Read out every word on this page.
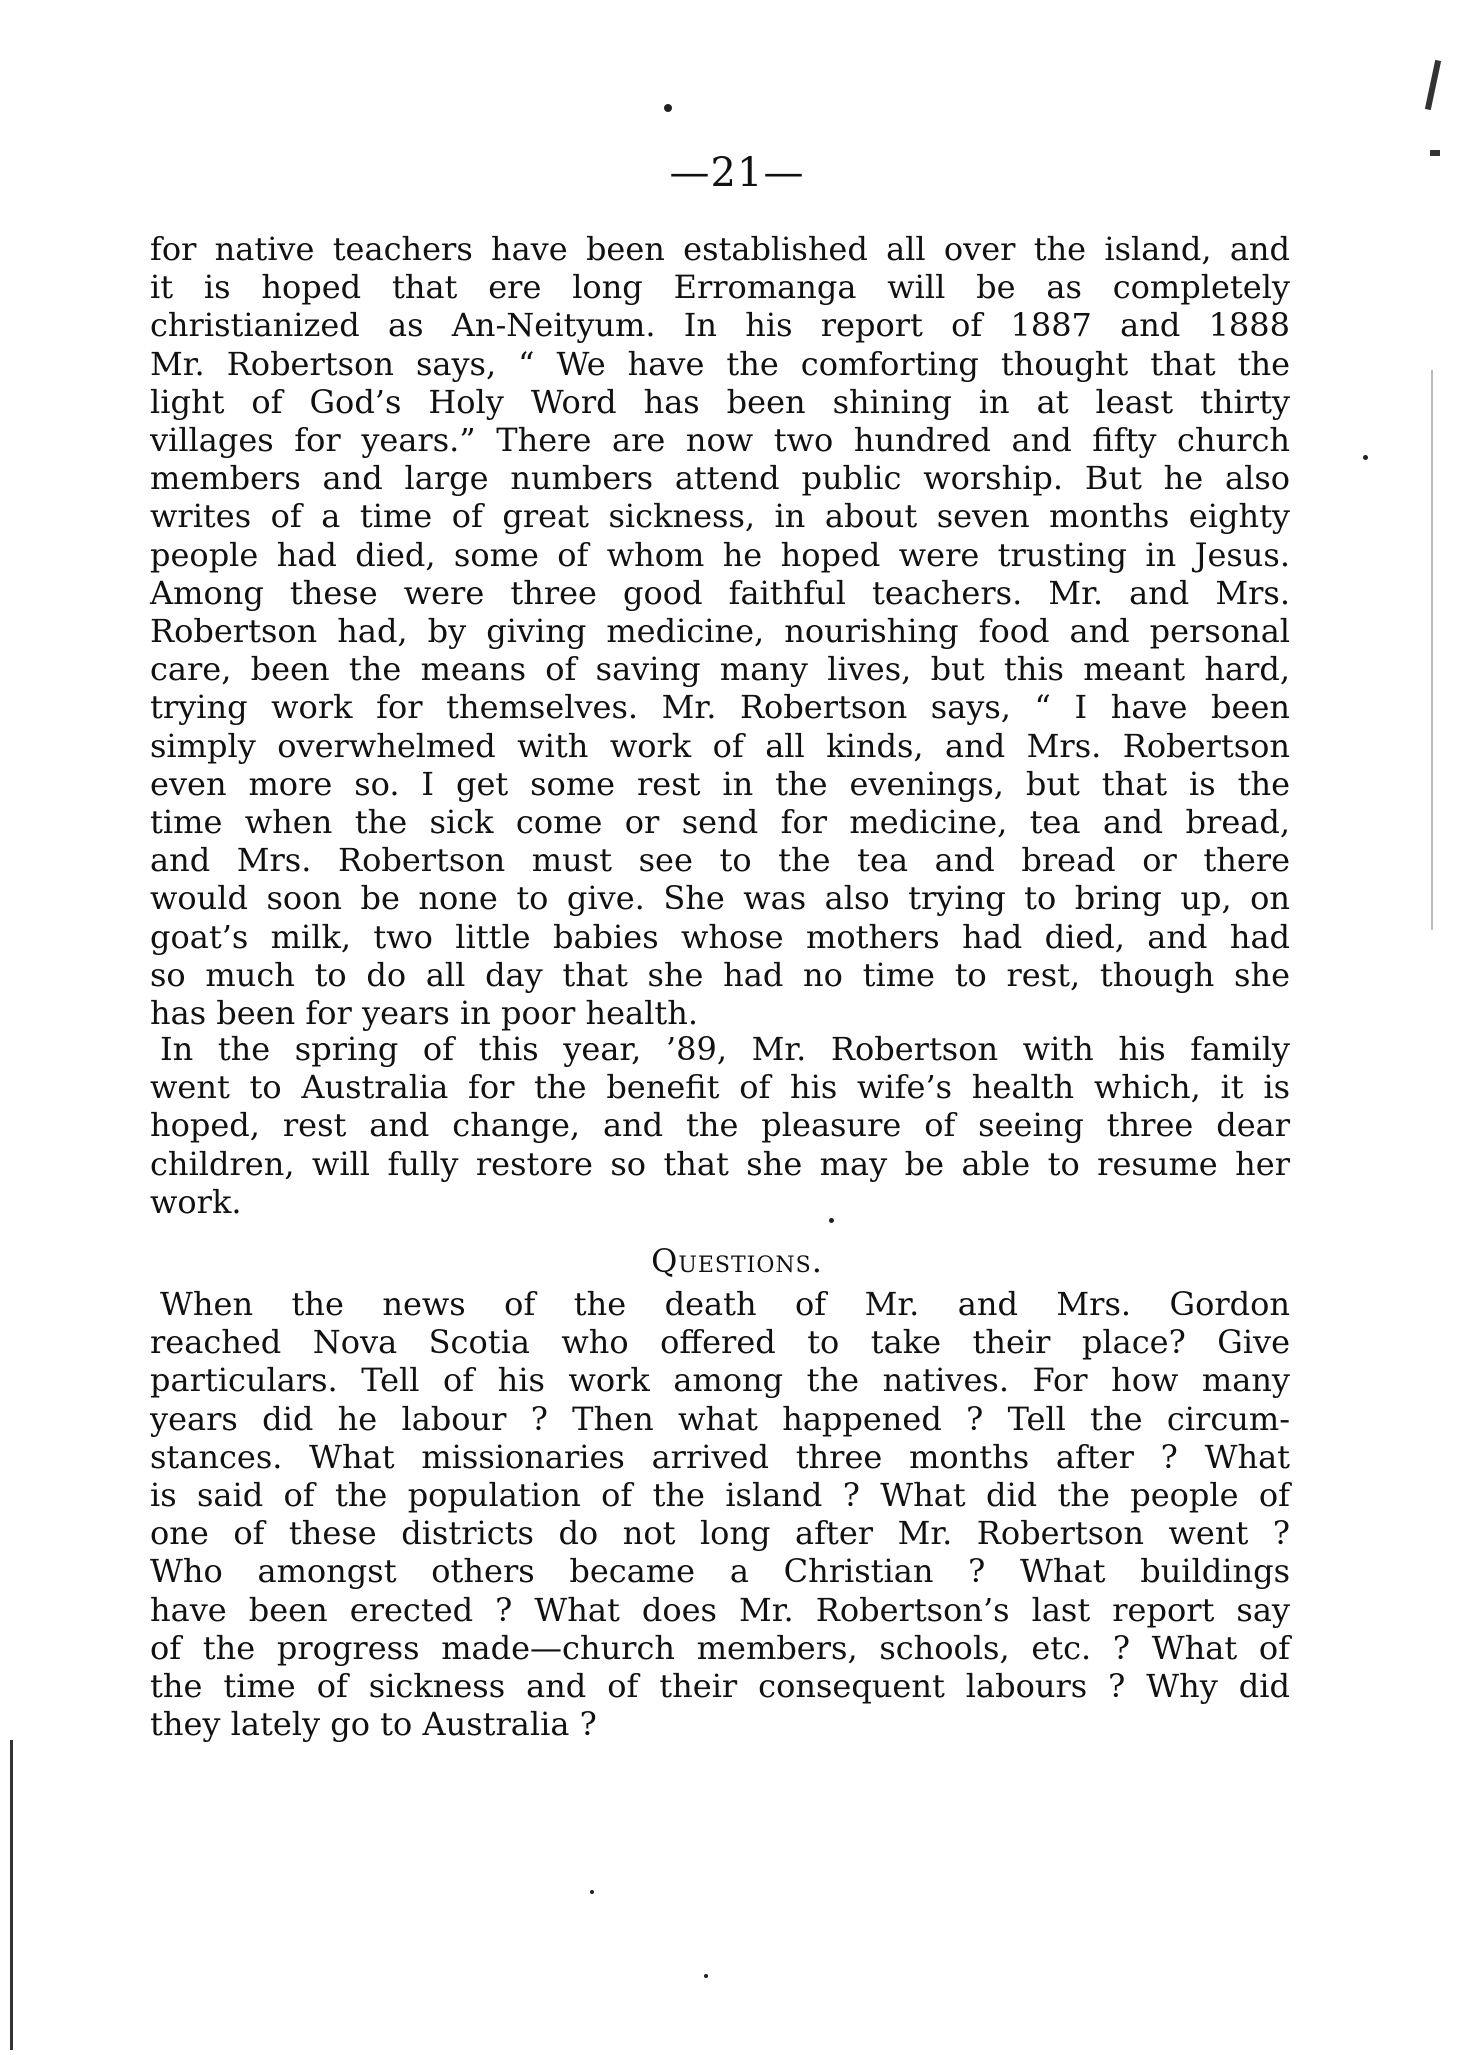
—21—
for native teachers have been established all over the island, and
it is hoped that ere long Erromanga will be as completely
christianized as An-Neityum. In his report of 1887 and 1888
Mr. Robertson says, “ We have the comforting thought that the
light of God’s Holy Word has been shining in at least thirty
villages for years.” There are now two hundred and fifty church
members and large numbers attend public worship. But he also
writes of a time of great sickness, in about seven months eighty
people had died, some of whom he hoped were trusting in Jesus.
Among these were three good faithful teachers. Mr. and Mrs.
Robertson had, by giving medicine, nourishing food and personal
care, been the means of saving many lives, but this meant hard,
trying work for themselves. Mr. Robertson says, “ I have been
simply overwhelmed with work of all kinds, and Mrs. Robertson
even more so. I get some rest in the evenings, but that is the
time when the sick come or send for medicine, tea and bread,
and Mrs. Robertson must see to the tea and bread or there
would soon be none to give. She was also trying to bring up, on
goat’s milk, two little babies whose mothers had died, and had
so much to do all day that she had no time to rest, though she
has been for years in poor health.
In the spring of this year, ’89, Mr. Robertson with his family
went to Australia for the benefit of his wife’s health which, it is
hoped, rest and change, and the pleasure of seeing three dear
children, will fully restore so that she may be able to resume her
work.
Questions.
When the news of the death of Mr. and Mrs. Gordon
reached Nova Scotia who offered to take their place? Give
particulars. Tell of his work among the natives. For how many
years did he labour ? Then what happened ? Tell the circum-
stances. What missionaries arrived three months after ? What
is said of the population of the island ? What did the people of
one of these districts do not long after Mr. Robertson went ?
Who amongst others became a Christian ? What buildings
have been erected ? What does Mr. Robertson’s last report say
of the progress made—church members, schools, etc. ? What of
the time of sickness and of their consequent labours ? Why did
they lately go to Australia ?
